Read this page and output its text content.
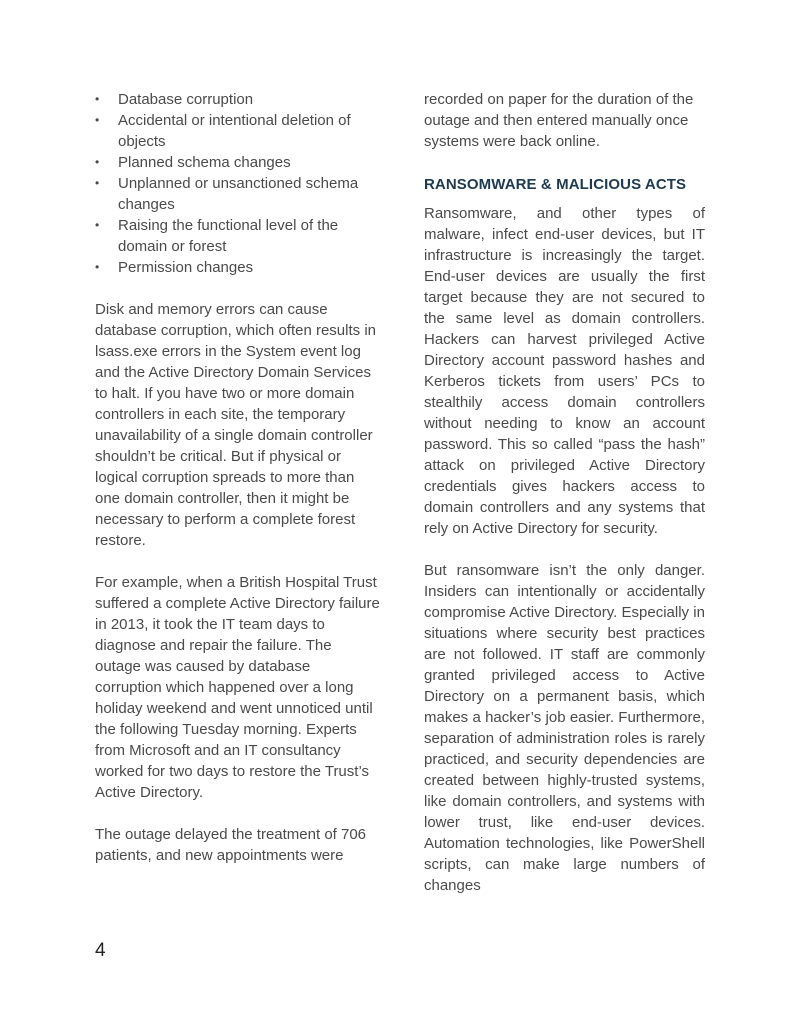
• Database corruption
• Accidental or intentional deletion of objects
• Planned schema changes
• Unplanned or unsanctioned schema changes
• Raising the functional level of the domain or forest
• Permission changes

Disk and memory errors can cause database corruption, which often results in lsass.exe errors in the System event log and the Active Directory Domain Services to halt. If you have two or more domain controllers in each site, the temporary unavailability of a single domain controller shouldn’t be critical. But if physical or logical corruption spreads to more than one domain controller, then it might be necessary to perform a complete forest restore.

For example, when a British Hospital Trust suffered a complete Active Directory failure in 2013, it took the IT team days to diagnose and repair the failure. The outage was caused by database corruption which happened over a long holiday weekend and went unnoticed until the following Tuesday morning. Experts from Microsoft and an IT consultancy worked for two days to restore the Trust’s Active Directory.

The outage delayed the treatment of 706 patients, and new appointments were

recorded on paper for the duration of the outage and then entered manually once systems were back online.

RANSOMWARE & MALICIOUS ACTS

Ransomware, and other types of malware, infect end-user devices, but IT infrastructure is increasingly the target. End-user devices are usually the first target because they are not secured to the same level as domain controllers. Hackers can harvest privileged Active Directory account password hashes and Kerberos tickets from users’ PCs to stealthily access domain controllers without needing to know an account password. This so called “pass the hash” attack on privileged Active Directory credentials gives hackers access to domain controllers and any systems that rely on Active Directory for security.

But ransomware isn’t the only danger. Insiders can intentionally or accidentally compromise Active Directory. Especially in situations where security best practices are not followed. IT staff are commonly granted privileged access to Active Directory on a permanent basis, which makes a hacker’s job easier. Furthermore, separation of administration roles is rarely practiced, and security dependencies are created between highly-trusted systems, like domain controllers, and systems with lower trust, like end-user devices. Automation technologies, like PowerShell scripts, can make large numbers of changes

4
